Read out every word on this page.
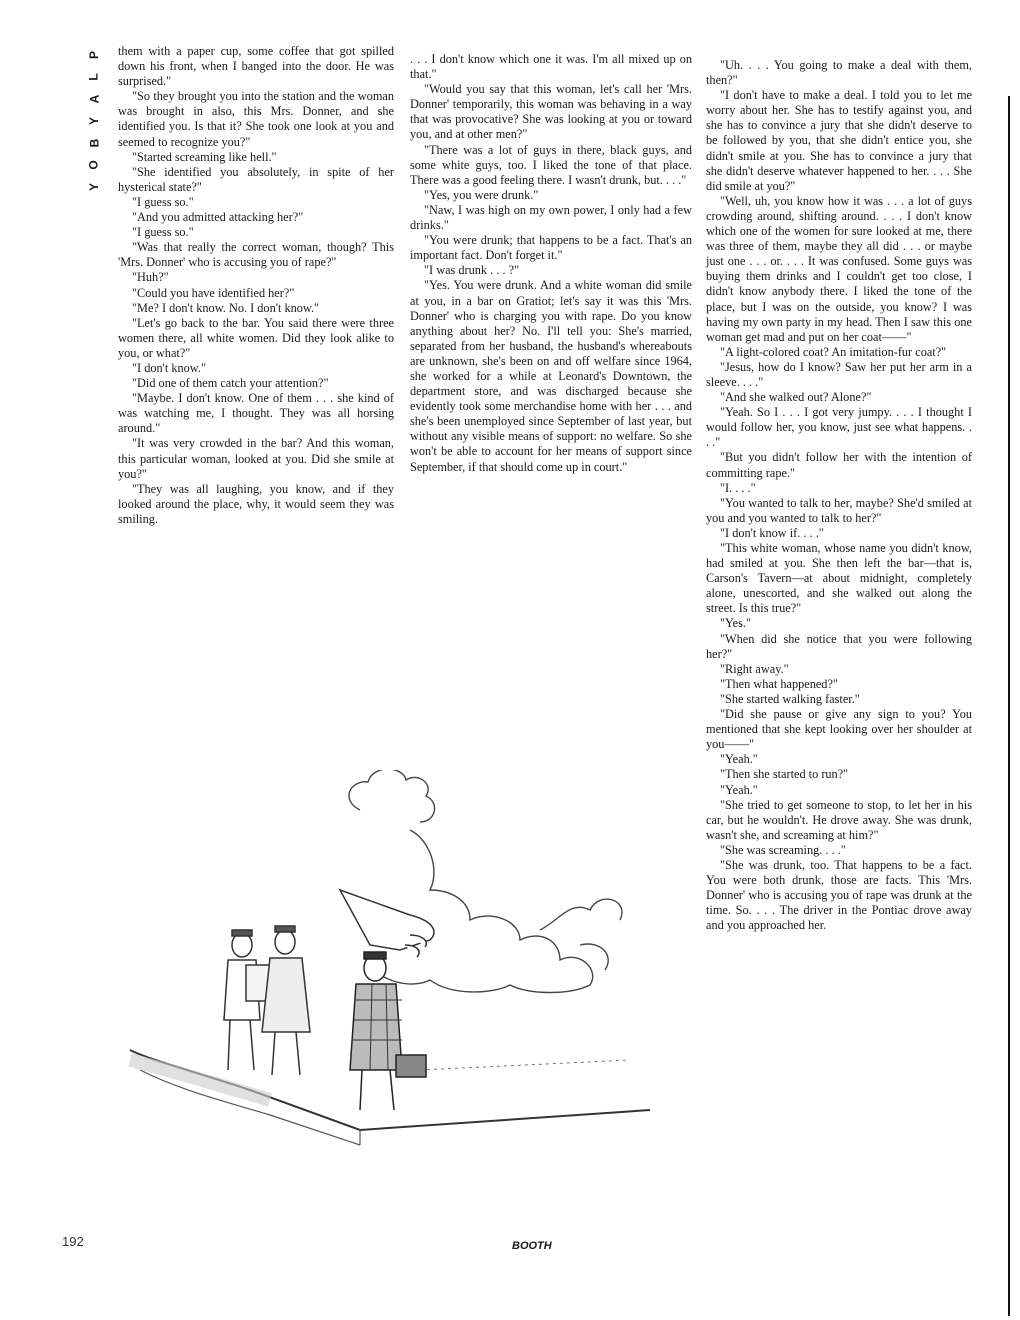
P
L
A
Y
B
O
Y

them with a paper cup, some coffee that got spilled down his front, when I banged into the door. He was surprised."

"So they brought you into the station and the woman was brought in also, this Mrs. Donner, and she identified you. Is that it? She took one look at you and seemed to recognize you?"

"Started screaming like hell."

"She identified you absolutely, in spite of her hysterical state?"

"I guess so."

"And you admitted attacking her?"

"I guess so."

"Was that really the correct woman, though? This 'Mrs. Donner' who is accusing you of rape?"

"Huh?"

"Could you have identified her?"

"Me? I don't know. No. I don't know."

"Let's go back to the bar. You said there were three women there, all white women. Did they look alike to you, or what?"

"I don't know."

"Did one of them catch your attention?"

"Maybe. I don't know. One of them . . . she kind of was watching me, I thought. They was all horsing around."

"It was very crowded in the bar? And this woman, this particular woman, looked at you. Did she smile at you?"

"They was all laughing, you know, and if they looked around the place, why, it would seem they was smiling.

. . . I don't know which one it was. I'm all mixed up on that."

"Would you say that this woman, let's call her 'Mrs. Donner' temporarily, this woman was behaving in a way that was provocative? She was looking at you or toward you, and at other men?"

"There was a lot of guys in there, black guys, and some white guys, too. I liked the tone of that place. There was a good feeling there. I wasn't drunk, but. . . ."

"Yes, you were drunk."

"Naw, I was high on my own power, I only had a few drinks."

"You were drunk; that happens to be a fact. That's an important fact. Don't forget it."

"I was drunk . . . ?"

"Yes. You were drunk. And a white woman did smile at you, in a bar on Gratiot; let's say it was this 'Mrs. Donner' who is charging you with rape. Do you know anything about her? No. I'll tell you: She's married, separated from her husband, the husband's whereabouts are unknown, she's been on and off welfare since 1964, she worked for a while at Leonard's Downtown, the department store, and was discharged because she evidently took some merchandise home with her . . . and she's been unemployed since September of last year, but without any visible means of support: no welfare. So she won't be able to account for her means of support since September, if that should come up in court."

"Uh. . . . You going to make a deal with them, then?"

"I don't have to make a deal. I told you to let me worry about her. She has to testify against you, and she has to convince a jury that she didn't deserve to be followed by you, that she didn't entice you, she didn't smile at you. She has to convince a jury that she didn't deserve whatever happened to her. . . . She did smile at you?"

"Well, uh, you know how it was . . . a lot of guys crowding around, shifting around. . . . I don't know which one of the women for sure looked at me, there was three of them, maybe they all did . . . or maybe just one . . . or. . . . It was confused. Some guys was buying them drinks and I couldn't get too close, I didn't know anybody there. I liked the tone of the place, but I was on the outside, you know? I was having my own party in my head. Then I saw this one woman get mad and put on her coat——"

"A light-colored coat? An imitation-fur coat?"

"Jesus, how do I know? Saw her put her arm in a sleeve. . . ."

"And she walked out? Alone?"

"Yeah. So I . . . I got very jumpy. . . . I thought I would follow her, you know, just see what happens. . . ."

"But you didn't follow her with the intention of committing rape."

"I. . . ."

"You wanted to talk to her, maybe? She'd smiled at you and you wanted to talk to her?"

"I don't know if. . . ."

"This white woman, whose name you didn't know, had smiled at you. She then left the bar—that is, Carson's Tavern—at about midnight, completely alone, unescorted, and she walked out along the street. Is this true?"

"Yes."

"When did she notice that you were following her?"

"Right away."

"Then what happened?"

"She started walking faster."

"Did she pause or give any sign to you? You mentioned that she kept looking over her shoulder at you——"

"Yeah."

"Then she started to run?"

"Yeah."

"She tried to get someone to stop, to let her in his car, but he wouldn't. He drove away. She was drunk, wasn't she, and screaming at him?"

"She was screaming. . . ."

"She was drunk, too. That happens to be a fact. You were both drunk, those are facts. This 'Mrs. Donner' who is accusing you of rape was drunk at the time. So. . . . The driver in the Pontiac drove away and you approached her.

192	BOOTH
